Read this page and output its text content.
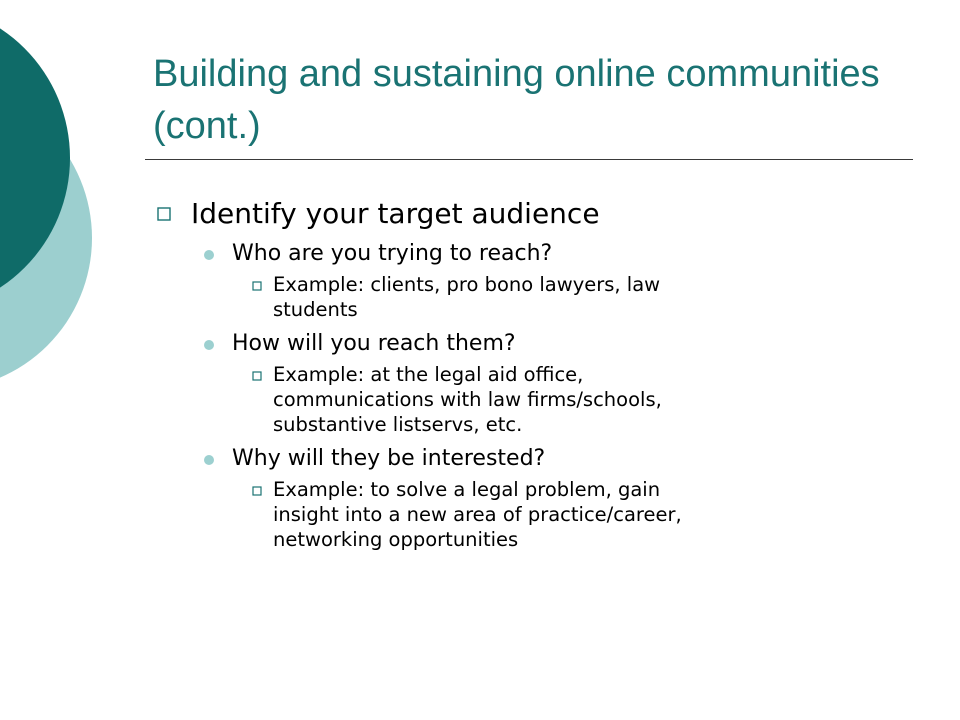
Building and sustaining online communities (cont.)
Identify your target audience
Who are you trying to reach?
Example: clients, pro bono lawyers, law
students
How will you reach them?
Example: at the legal aid office,
communications with law firms/schools,
substantive listservs, etc.
Why will they be interested?
Example: to solve a legal problem, gain
insight into a new area of practice/career,
networking opportunities
